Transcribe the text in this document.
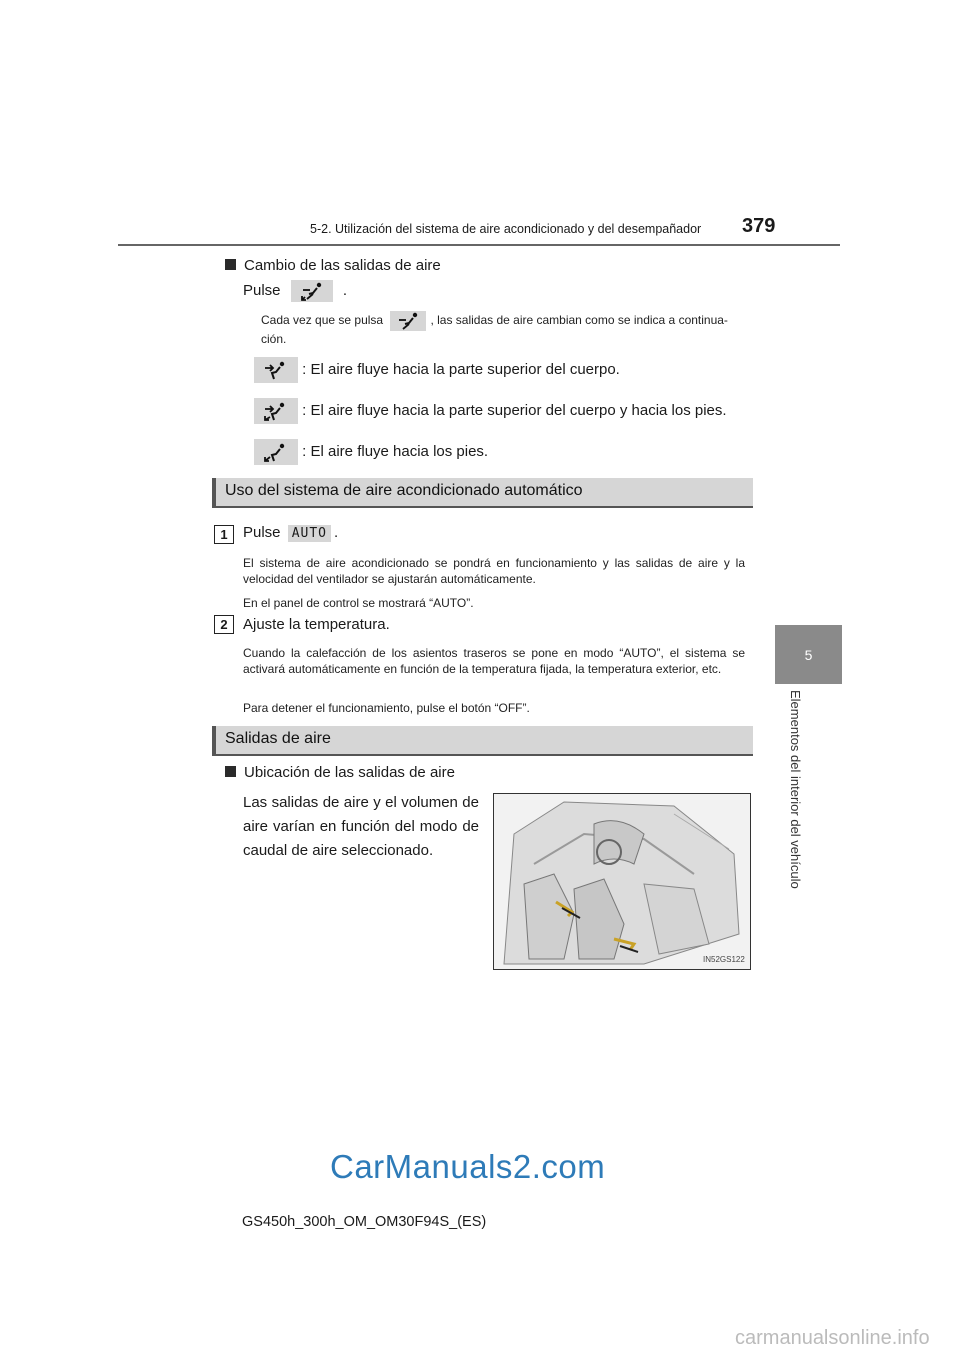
5-2. Utilización del sistema de aire acondicionado y del desempañador 379
5
Elementos del interior del vehículo
Cambio de las salidas de aire
Pulse	.
Cada vez que se pulsa	, las salidas de aire cambian como se indica a continua-
ción.
: El aire fluye hacia la parte superior del cuerpo.
: El aire fluye hacia la parte superior del cuerpo y hacia los pies.
: El aire fluye hacia los pies.
Uso del sistema de aire acondicionado automático
1	Pulse AUTO .
El sistema de aire acondicionado se pondrá en funcionamiento y las salidas de aire y la velocidad del ventilador se ajustarán automáticamente.
En el panel de control se mostrará “AUTO”.
2	Ajuste la temperatura.
Cuando la calefacción de los asientos traseros se pone en modo “AUTO”, el sistema se activará automáticamente en función de la temperatura fijada, la temperatura exterior, etc.
Para detener el funcionamiento, pulse el botón “OFF”.
Salidas de aire
Ubicación de las salidas de aire
Las salidas de aire y el volumen de aire varían en función del modo de caudal de aire seleccionado.
IN52GS122
GS450h_300h_OM_OM30F94S_(ES)
CarManuals2.com
carmanualsonline.info
